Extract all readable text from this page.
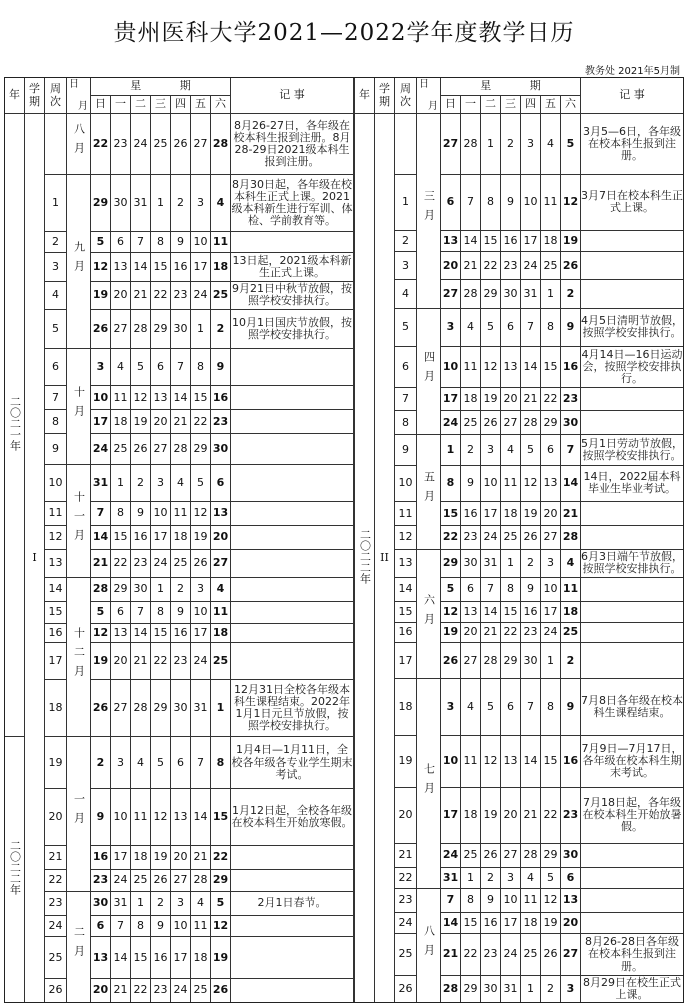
贵州医科大学2021—2022学年度教学日历
教务处 2021年5月制
年	学期	周次	日
月	星 期							记 事
				日	一	二	三	四	五	六	
二〇二一年	I		八月	22	23	24	25	26	27	28	8月26-27日，各年级在校本科生报到注册。8月28-29日2021级本科生报到注册。
		1	九月	29	30	31	1	2	3	4	8月30日起，各年级在校本科生正式上课。2021级本科新生进行军训、体检、学前教育等。
		2		5	6	7	8	9	10	11	
		3		12	13	14	15	16	17	18	13日起，2021级本科新生正式上课。
		4		19	20	21	22	23	24	25	9月21日中秋节放假，按照学校安排执行。
		5		26	27	28	29	30	1	2	10月1日国庆节放假，按照学校安排执行。
		6	十月	3	4	5	6	7	8	9	
		7		10	11	12	13	14	15	16	
		8		17	18	19	20	21	22	23	
		9		24	25	26	27	28	29	30	
		10	十一月	31	1	2	3	4	5	6	
		11		7	8	9	10	11	12	13	
		12		14	15	16	17	18	19	20	
		13		21	22	23	24	25	26	27	
		14	十二月	28	29	30	1	2	3	4	
		15		5	6	7	8	9	10	11	
		16		12	13	14	15	16	17	18	
		17		19	20	21	22	23	24	25	
		18		26	27	28	29	30	31	1	12月31日全校各年级本科生课程结束。2022年1月1日元旦节放假，按照学校安排执行。
二〇二二年		19	一月	2	3	4	5	6	7	8	1月4日—1月11日，全校各年级各专业学生期末考试。
		20		9	10	11	12	13	14	15	1月12日起，全校各年级在校本科生开始放寒假。
		21		16	17	18	19	20	21	22	
		22		23	24	25	26	27	28	29	
		23	二月	30	31	1	2	3	4	5	2月1日春节。
		24		6	7	8	9	10	11	12	
		25		13	14	15	16	17	18	19	
		26		20	21	22	23	24	25	26	
年	学期	周次	日
月	星 期							记 事
				日	一	二	三	四	五	六	
二〇二二年	II		三月	27	28	1	2	3	4	5	3月5—6日，各年级在校本科生报到注册。
		1		6	7	8	9	10	11	12	3月7日在校本科生正式上课。
		2		13	14	15	16	17	18	19	
		3		20	21	22	23	24	25	26	
		4		27	28	29	30	31	1	2	
		5	四月	3	4	5	6	7	8	9	4月5日清明节放假，按照学校安排执行。
		6		10	11	12	13	14	15	16	4月14日—16日运动会，按照学校安排执行。
		7		17	18	19	20	21	22	23	
		8		24	25	26	27	28	29	30	
		9	五月	1	2	3	4	5	6	7	5月1日劳动节放假，按照学校安排执行。
		10		8	9	10	11	12	13	14	14日，2022届本科毕业生毕业考试。
		11		15	16	17	18	19	20	21	
		12		22	23	24	25	26	27	28	
		13	六月	29	30	31	1	2	3	4	6月3日端午节放假，按照学校安排执行。
		14		5	6	7	8	9	10	11	
		15		12	13	14	15	16	17	18	
		16		19	20	21	22	23	24	25	
		17		26	27	28	29	30	1	2	
		18	七月	3	4	5	6	7	8	9	7月8日各年级在校本科生课程结束。
		19		10	11	12	13	14	15	16	7月9日—7月17日，各年级在校本科生期末考试。
		20		17	18	19	20	21	22	23	7月18日起，各年级在校本科生开始放暑假。
		21		24	25	26	27	28	29	30	
		22		31	1	2	3	4	5	6	
		23	八月	7	8	9	10	11	12	13	
		24		14	15	16	17	18	19	20	
		25		21	22	23	24	25	26	27	8月26-28日各年级在校本科生报到注册。
		26		28	29	30	31	1	2	3	8月29日在校生正式上课。
